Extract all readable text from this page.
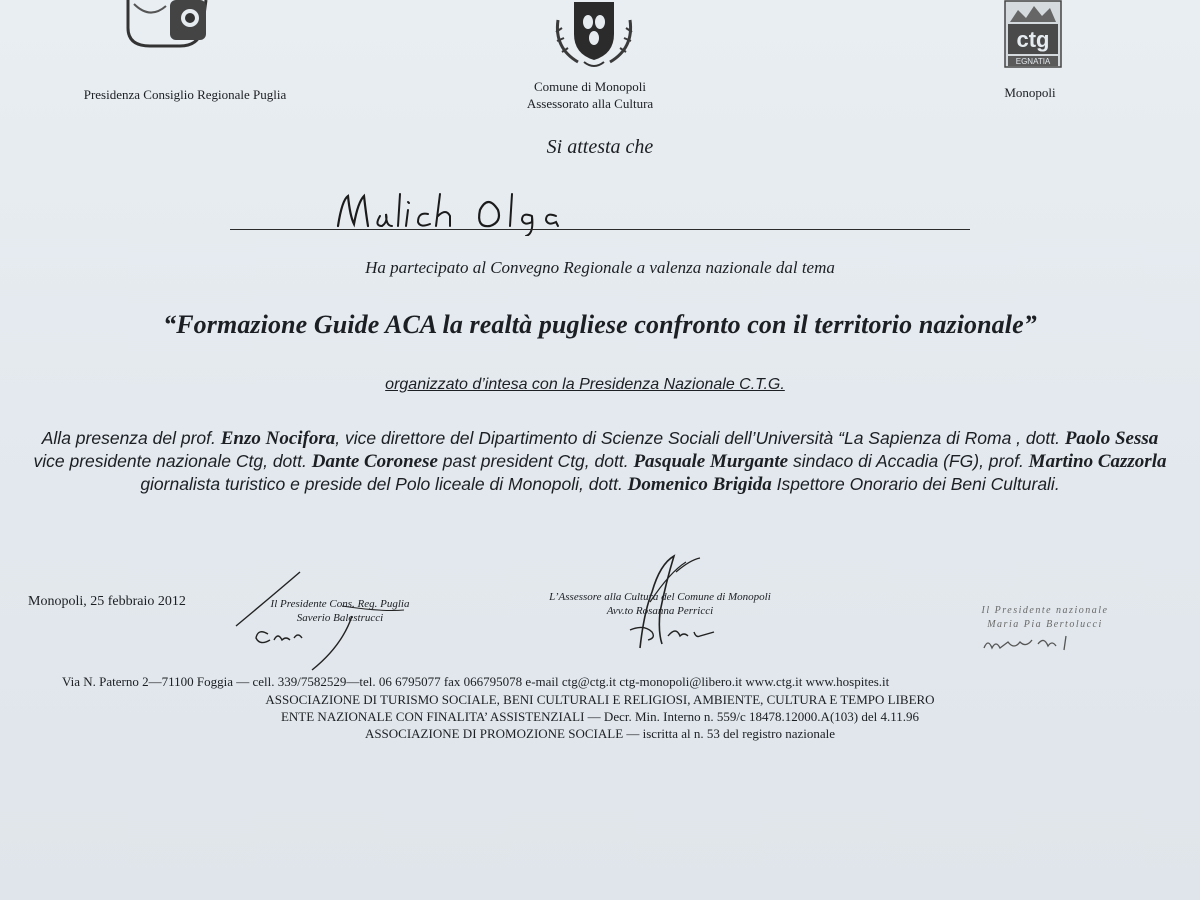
ctg
EGNATIA
Presidenza Consiglio Regionale Puglia
Comune di Monopoli
Assessorato alla Cultura
Monopoli
Si attesta che
Ha partecipato al Convegno Regionale a valenza nazionale dal tema
“Formazione Guide ACA la realtà pugliese confronto con il territorio nazionale”
organizzato d’intesa con la Presidenza Nazionale C.T.G.
Alla presenza del prof. Enzo Nocifora, vice direttore del Dipartimento di Scienze Sociali dell’Università “La Sapienza di Roma , dott. Paolo Sessa vice presidente nazionale Ctg, dott. Dante Coronese past president Ctg, dott. Pasquale Murgante sindaco di Accadia (FG), prof. Martino Cazzorla giornalista turistico e preside del Polo liceale di Monopoli, dott. Domenico Brigida Ispettore Onorario dei Beni Culturali.
Monopoli, 25 febbraio 2012	Il Presidente Cons. Reg. Puglia
Saverio Balestrucci
L’Assessore alla Cultura del Comune di Monopoli
Avv.to Rosanna Perricci	Il Presidente nazionale
Maria Pia Bertolucci
Via N. Paterno 2—71100 Foggia — cell. 339/7582529—tel. 06 6795077 fax 066795078 e-mail ctg@ctg.it ctg-monopoli@libero.it www.ctg.it www.hospites.it
ASSOCIAZIONE DI TURISMO SOCIALE, BENI CULTURALI E RELIGIOSI, AMBIENTE, CULTURA E TEMPO LIBERO
ENTE NAZIONALE CON FINALITA’ ASSISTENZIALI — Decr. Min. Interno n. 559/c 18478.12000.A(103) del 4.11.96
ASSOCIAZIONE DI PROMOZIONE SOCIALE — iscritta al n. 53 del registro nazionale
